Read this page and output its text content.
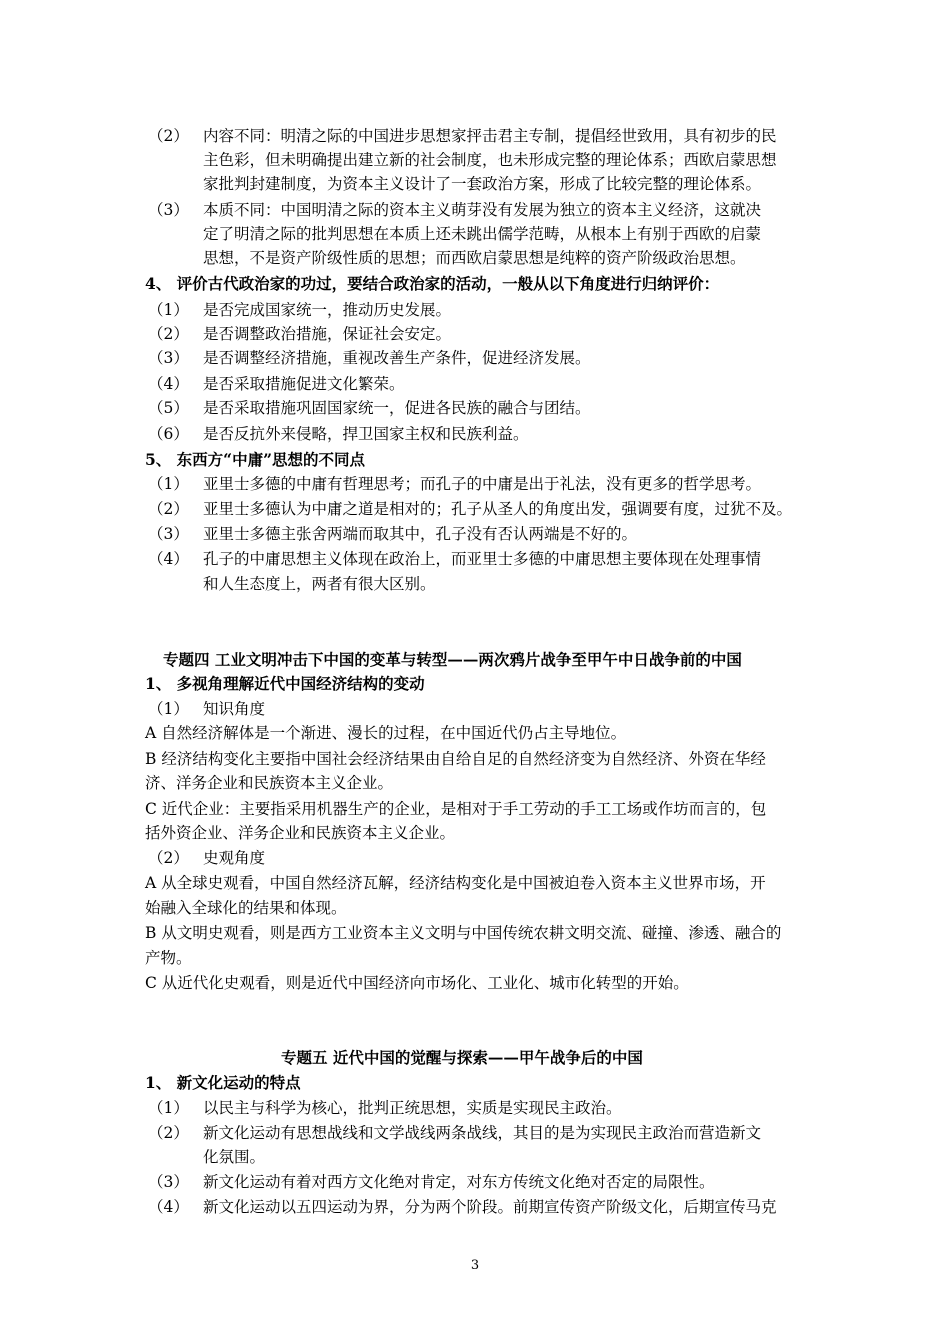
（2） 内容不同：明清之际的中国进步思想家抨击君主专制，提倡经世致用，具有初步的民
主色彩，但未明确提出建立新的社会制度，也未形成完整的理论体系；西欧启蒙思想
家批判封建制度，为资本主义设计了一套政治方案，形成了比较完整的理论体系。
（3） 本质不同：中国明清之际的资本主义萌芽没有发展为独立的资本主义经济，这就决
定了明清之际的批判思想在本质上还未跳出儒学范畴，从根本上有别于西欧的启蒙
思想，不是资产阶级性质的思想；而西欧启蒙思想是纯粹的资产阶级政治思想。
4、 评价古代政治家的功过，要结合政治家的活动，一般从以下角度进行归纳评价：
（1） 是否完成国家统一，推动历史发展。
（2） 是否调整政治措施，保证社会安定。
（3） 是否调整经济措施，重视改善生产条件，促进经济发展。
（4） 是否采取措施促进文化繁荣。
（5） 是否采取措施巩固国家统一，促进各民族的融合与团结。
（6） 是否反抗外来侵略，捍卫国家主权和民族利益。
5、 东西方“中庸”思想的不同点
（1） 亚里士多德的中庸有哲理思考；而孔子的中庸是出于礼法，没有更多的哲学思考。
（2） 亚里士多德认为中庸之道是相对的；孔子从圣人的角度出发，强调要有度，过犹不及。
（3） 亚里士多德主张舍两端而取其中，孔子没有否认两端是不好的。
（4） 孔子的中庸思想主义体现在政治上，而亚里士多德的中庸思想主要体现在处理事情
和人生态度上，两者有很大区别。
专题四 工业文明冲击下中国的变革与转型——两次鸦片战争至甲午中日战争前的中国
1、 多视角理解近代中国经济结构的变动
（1） 知识角度
A 自然经济解体是一个渐进、漫长的过程，在中国近代仍占主导地位。
B 经济结构变化主要指中国社会经济结果由自给自足的自然经济变为自然经济、外资在华经
济、洋务企业和民族资本主义企业。
C 近代企业：主要指采用机器生产的企业，是相对于手工劳动的手工工场或作坊而言的，包
括外资企业、洋务企业和民族资本主义企业。
（2） 史观角度
A 从全球史观看，中国自然经济瓦解，经济结构变化是中国被迫卷入资本主义世界市场，开
始融入全球化的结果和体现。
B 从文明史观看，则是西方工业资本主义文明与中国传统农耕文明交流、碰撞、渗透、融合的
产物。
C 从近代化史观看，则是近代中国经济向市场化、工业化、城市化转型的开始。
专题五 近代中国的觉醒与探索——甲午战争后的中国
1、 新文化运动的特点
（1） 以民主与科学为核心，批判正统思想，实质是实现民主政治。
（2） 新文化运动有思想战线和文学战线两条战线，其目的是为实现民主政治而营造新文
化氛围。
（3） 新文化运动有着对西方文化绝对肯定，对东方传统文化绝对否定的局限性。
（4） 新文化运动以五四运动为界，分为两个阶段。前期宣传资产阶级文化，后期宣传马克
3
